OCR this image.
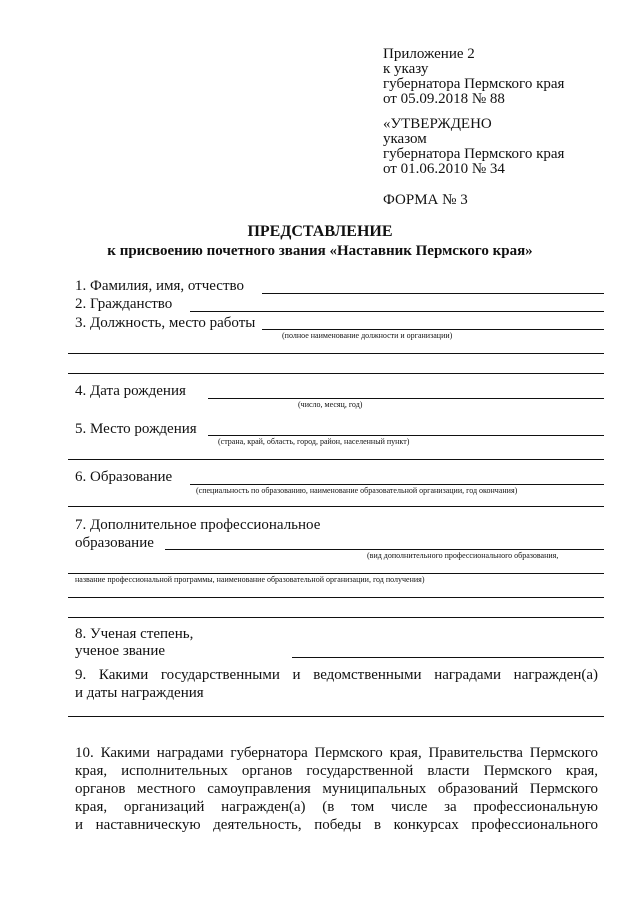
Приложение 2
к указу
губернатора Пермского края
от 05.09.2018 № 88
«УТВЕРЖДЕНО
указом
губернатора Пермского края
от 01.06.2010 № 34
ФОРМА № 3
ПРЕДСТАВЛЕНИЕ
к присвоению почетного звания «Наставник Пермского края»
1. Фамилия, имя, отчество
2. Гражданство
3. Должность, место работы
(полное наименование должности и организации)
4. Дата рождения
(число, месяц, год)
5. Место рождения
(страна, край, область, город, район, населенный пункт)
6. Образование
(специальность по образованию, наименование образовательной организации, год окончания)
7. Дополнительное профессиональное
образование
(вид дополнительного профессионального образования,
название профессиональной программы, наименование образовательной организации, год получения)
8. Ученая степень,
ученое звание
9. Какими государственными и ведомственными наградами награжден(а)
и даты награждения
10. Какими наградами губернатора Пермского края, Правительства Пермского
края, исполнительных органов государственной власти Пермского края,
органов местного самоуправления муниципальных образований Пермского
края, организаций награжден(а) (в том числе за профессиональную
и наставническую деятельность, победы в конкурсах профессионального
